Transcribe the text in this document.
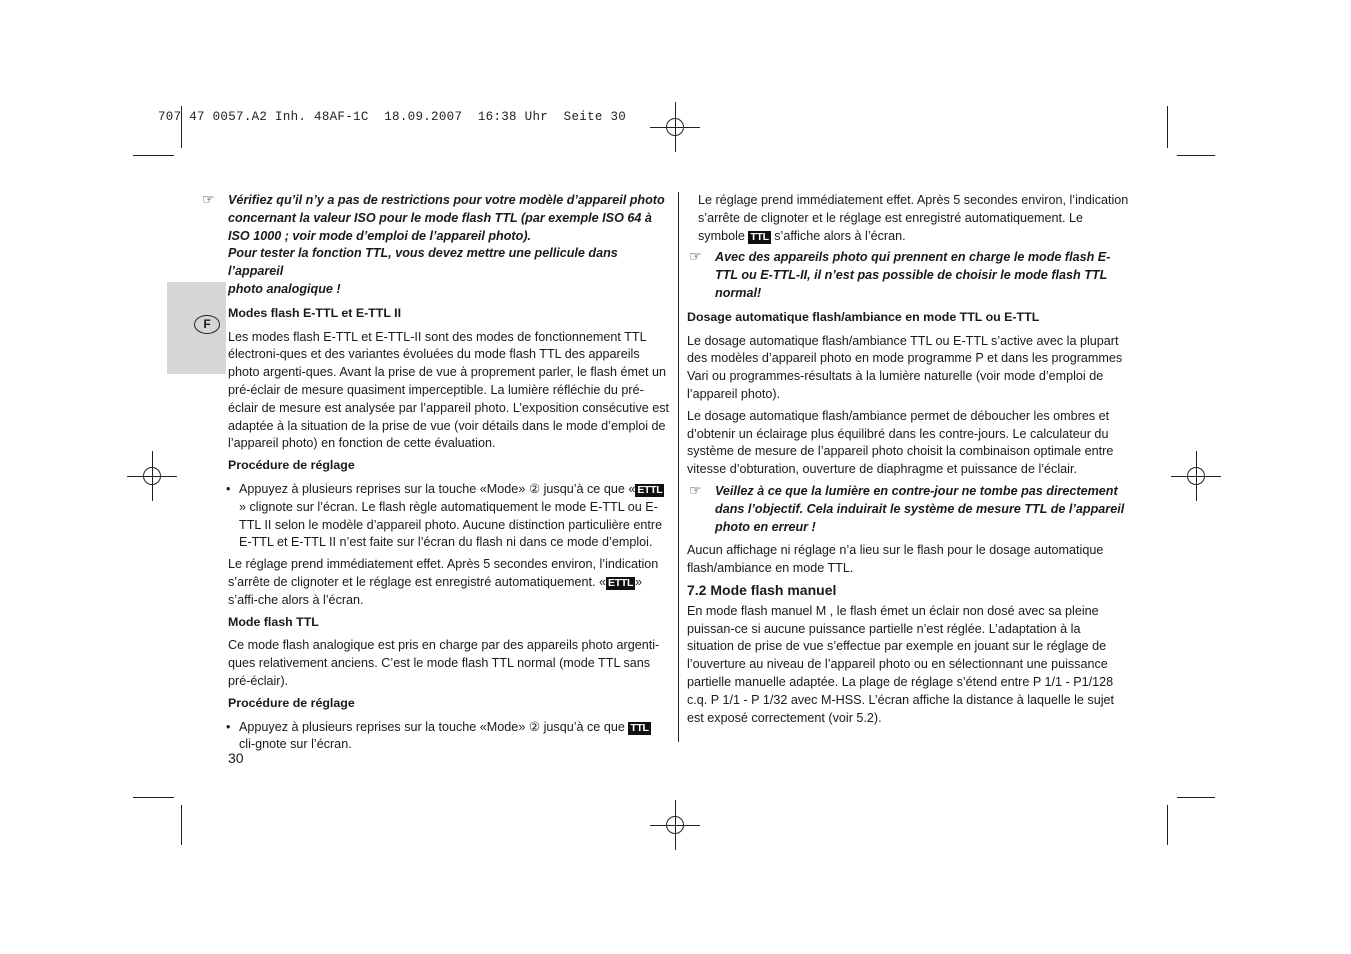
707 47 0057.A2 Inh. 48AF-1C  18.09.2007  16:38 Uhr  Seite 30
F
☞ Vérifiez qu’il n’y a pas de restrictions pour votre modèle d’appareil photo
concernant la valeur ISO pour le mode flash TTL (par exemple ISO 64 à
ISO 1000 ; voir mode d’emploi de l’appareil photo).
Pour tester la fonction TTL, vous devez mettre une pellicule dans l’appareil
photo analogique !
Modes flash E-TTL et E-TTL II

Les modes flash E-TTL et E-TTL-II sont des modes de fonctionnement TTL électroni-ques et des variantes évoluées du mode flash TTL des appareils photo argenti-ques. Avant la prise de vue à proprement parler, le flash émet un pré-éclair de mesure quasiment imperceptible. La lumière réfléchie du pré-éclair de mesure est analysée par l’appareil photo. L’exposition consécutive est adaptée à la situation de la prise de vue (voir détails dans le mode d’emploi de l’appareil photo) en fonction de cette évaluation.

Procédure de réglage
• Appuyez à plusieurs reprises sur la touche «Mode» ② jusqu’à ce que « ETTL» clignote sur l’écran. Le flash règle automatiquement le mode E-TTL ou E-TTL II selon le modèle d’appareil photo. Aucune distinction particulière entre E-TTL et E-TTL II n’est faite sur l’écran du flash ni dans ce mode d’emploi.

Le réglage prend immédiatement effet. Après 5 secondes environ, l’indication s’arrête de clignoter et le réglage est enregistré automatiquement. « ETTL » s’affi-che alors à l’écran.

Mode flash TTL

Ce mode flash analogique est pris en charge par des appareils photo argenti-ques relativement anciens. C’est le mode flash TTL normal (mode TTL sans pré-éclair).

Procédure de réglage
• Appuyez à plusieurs reprises sur la touche «Mode» ② jusqu’à ce que TTL cli-gnote sur l’écran.

Le réglage prend immédiatement effet. Après 5 secondes environ, l’indication s’arrête de clignoter et le réglage est enregistré automatiquement. Le symbole TTL s’affiche alors à l’écran.

☞ Avec des appareils photo qui prennent en charge le mode flash E-TTL ou E-TTL-II, il n’est pas possible de choisir le mode flash TTL normal!
Dosage automatique flash/ambiance en mode TTL ou E-TTL

Le dosage automatique flash/ambiance TTL ou E-TTL s’active avec la plupart des modèles d’appareil photo en mode programme P et dans les programmes Vari ou programmes-résultats à la lumière naturelle (voir mode d’emploi de l’appareil photo).

Le dosage automatique flash/ambiance permet de déboucher les ombres et d’obtenir un éclairage plus équilibré dans les contre-jours. Le calculateur du système de mesure de l’appareil photo choisit la combinaison optimale entre vitesse d’obturation, ouverture de diaphragme et puissance de l’éclair.

☞ Veillez à ce que la lumière en contre-jour ne tombe pas directement dans l’objectif. Cela induirait le système de mesure TTL de l’appareil photo en erreur !

Aucun affichage ni réglage n’a lieu sur le flash pour le dosage automatique flash/ambiance en mode TTL.

7.2 Mode flash manuel

En mode flash manuel M , le flash émet un éclair non dosé avec sa pleine puissan-ce si aucune puissance partielle n’est réglée. L’adaptation à la situation de prise de vue s’effectue par exemple en jouant sur le réglage de l’ouverture au niveau de l’appareil photo ou en sélectionnant une puissance partielle manuelle adaptée. La plage de réglage s’étend entre P 1/1 - P1/128 c.q. P 1/1 - P 1/32 avec M-HSS. L’écran affiche la distance à laquelle le sujet est exposé correctement (voir 5.2).

30
